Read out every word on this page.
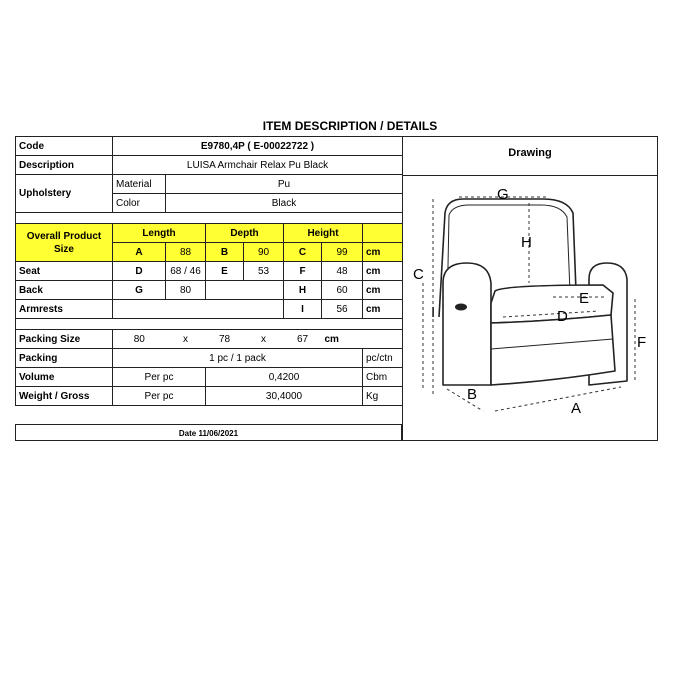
ITEM DESCRIPTION / DETAILS
Code	E9780,4P ( E-00022722 )						
Description	LUISA Armchair Relax Pu Black						
Upholstery	Material	Pu					
	Color	Black					

Overall Product Size	Length		Depth		Height		
	A	88	B	90	C	99	cm
Seat	D	68 / 46	E	53	F	48	cm
Back	G	80			H	60	cm
Armrests					I	56	cm

Packing Size	80	x	78	x	67	cm	
Packing	1 pc / 1 pack						pc/ctn
Volume	Per pc		0,4200				Cbm
Weight / Gross	Per pc		30,4000				Kg
Date 11/06/2021
Drawing
G
H
C
I
E
D
F
B
A
